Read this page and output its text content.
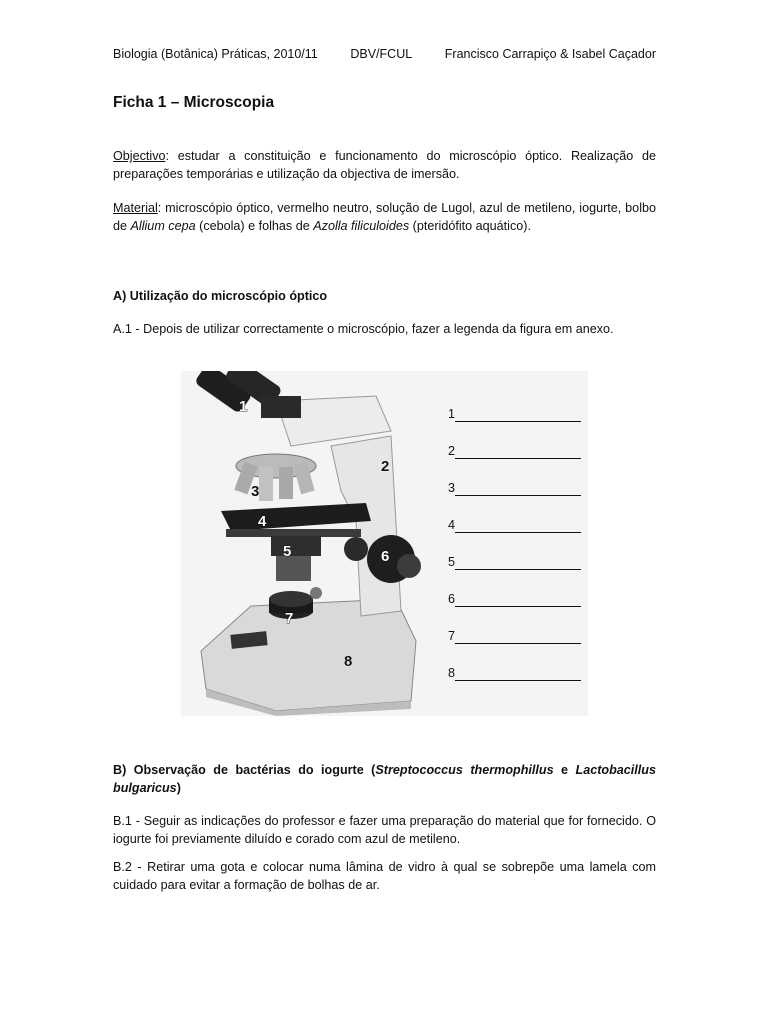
Biologia (Botânica) Práticas, 2010/11	DBV/FCUL	Francisco Carrapiço & Isabel Caçador
Ficha 1 – Microscopia

Objectivo: estudar a constituição e funcionamento do microscópio óptico. Realização de preparações temporárias e utilização da objectiva de imersão.

Material: microscópio óptico, vermelho neutro, solução de Lugol, azul de metileno, iogurte, bolbo de Allium cepa (cebola) e folhas de Azolla filiculoides (pteridófito aquático).

A) Utilização do microscópio óptico

A.1 - Depois de utilizar correctamente o microscópio, fazer a legenda da figura em anexo.

1
2
3
4
5	6
7
8
1
2
3
4
5
6
7
8

B) Observação de bactérias do iogurte (Streptococcus thermophillus e Lactobacillus bulgaricus)

B.1 - Seguir as indicações do professor e fazer uma preparação do material que for fornecido. O iogurte foi previamente diluído e corado com azul de metileno.

B.2 - Retirar uma gota e colocar numa lâmina de vidro à qual se sobrepõe uma lamela com cuidado para evitar a formação de bolhas de ar.
